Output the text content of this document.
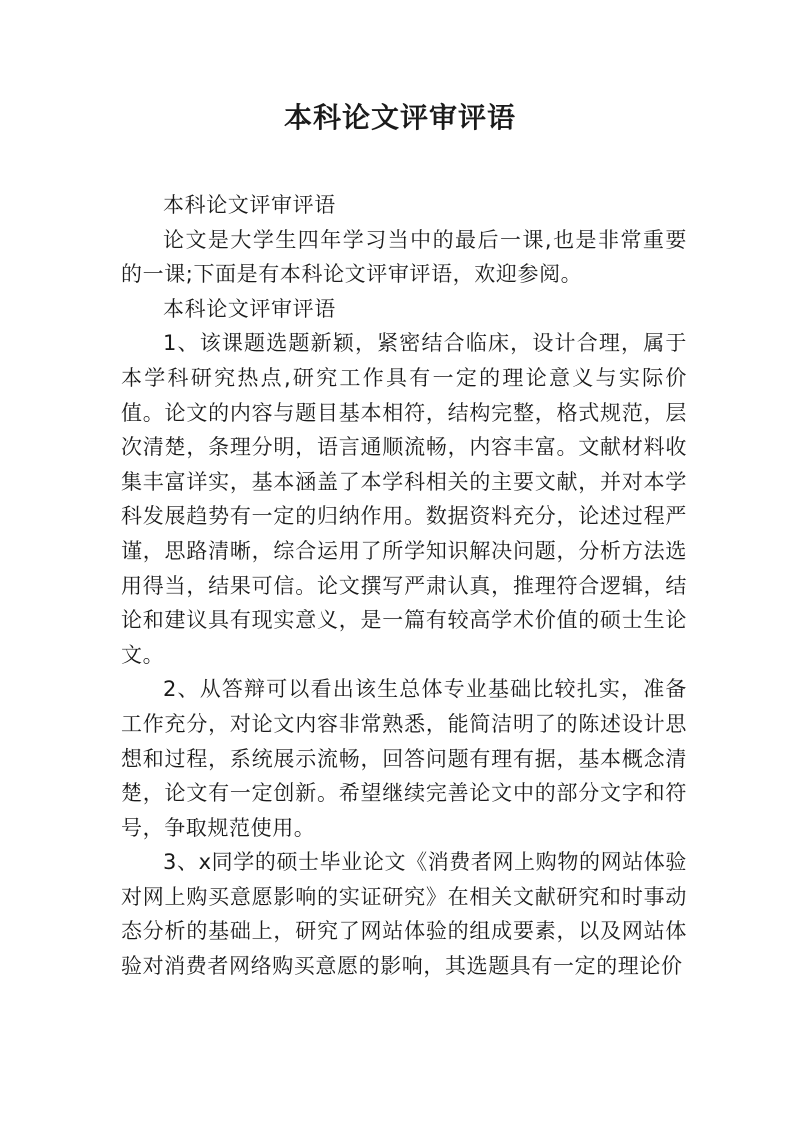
本科论文评审评语

本科论文评审评语

论文是大学生四年学习当中的最后一课,也是非常重要的一课;下面是有本科论文评审评语，欢迎参阅。

本科论文评审评语

1、该课题选题新颖，紧密结合临床，设计合理，属于本学科研究热点,研究工作具有一定的理论意义与实际价值。论文的内容与题目基本相符，结构完整，格式规范，层次清楚，条理分明，语言通顺流畅，内容丰富。文献材料收集丰富详实，基本涵盖了本学科相关的主要文献，并对本学科发展趋势有一定的归纳作用。数据资料充分，论述过程严谨，思路清晰，综合运用了所学知识解决问题，分析方法选用得当，结果可信。论文撰写严肃认真，推理符合逻辑，结论和建议具有现实意义，是一篇有较高学术价值的硕士生论文。

2、从答辩可以看出该生总体专业基础比较扎实，准备工作充分，对论文内容非常熟悉，能简洁明了的陈述设计思想和过程，系统展示流畅，回答问题有理有据，基本概念清楚，论文有一定创新。希望继续完善论文中的部分文字和符号，争取规范使用。

3、x同学的硕士毕业论文《消费者网上购物的网站体验对网上购买意愿影响的实证研究》在相关文献研究和时事动态分析的基础上，研究了网站体验的组成要素，以及网站体验对消费者网络购买意愿的影响，其选题具有一定的理论价
